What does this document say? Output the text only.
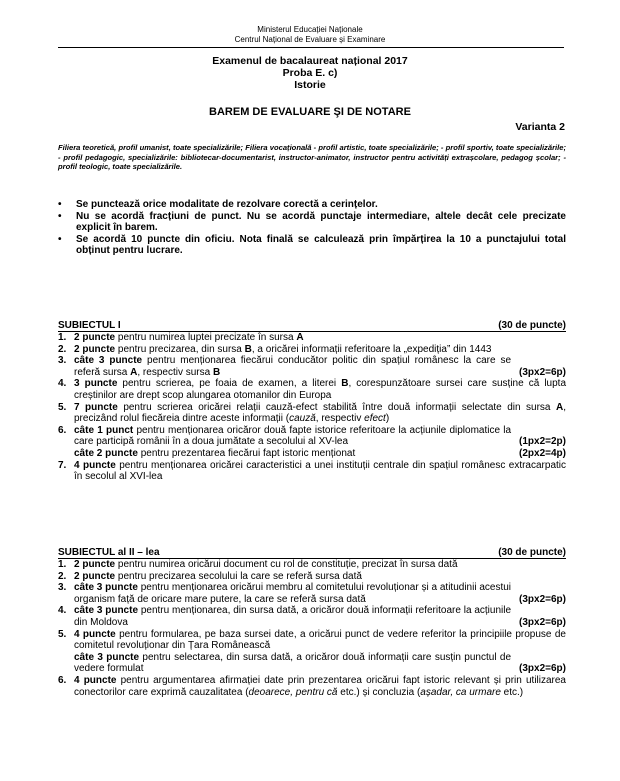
Ministerul Educației Naționale
Centrul Național de Evaluare și Examinare
Examenul de bacalaureat național 2017
Proba E. c)
Istorie
BAREM DE EVALUARE ŞI DE NOTARE
Varianta 2
Filiera teoretică, profil umanist, toate specializările; Filiera vocațională - profil artistic, toate specializările; - profil sportiv, toate specializările; - profil pedagogic, specializările: bibliotecar-documentarist, instructor-animator, instructor pentru activități extrașcolare, pedagog școlar; - profil teologic, toate specializările.
• Se punctează orice modalitate de rezolvare corectă a cerințelor.
• Nu se acordă fracțiuni de punct. Nu se acordă punctaje intermediare, altele decât cele precizate explicit în barem.
• Se acordă 10 puncte din oficiu. Nota finală se calculează prin împărțirea la 10 a punctajului total obținut pentru lucrare.
SUBIECTUL I	(30 de puncte)
1. 2 puncte pentru numirea luptei precizate în sursa A
2. 2 puncte pentru precizarea, din sursa B, a oricărei informații referitoare la „expediția” din 1443
3. câte 3 puncte pentru menționarea fiecărui conducător politic din spațiul românesc la care se referă sursa A, respectiv sursa B	(3px2=6p)
4. 3 puncte pentru scrierea, pe foaia de examen, a literei B, corespunzătoare sursei care susține că lupta creștinilor are drept scop alungarea otomanilor din Europa
5. 7 puncte pentru scrierea oricărei relații cauză-efect stabilită între două informații selectate din sursa A, precizând rolul fiecăreia dintre aceste informații (cauză, respectiv efect)
6. câte 1 punct pentru menționarea oricăror două fapte istorice referitoare la acțiunile diplomatice la care participă românii în a doua jumătate a secolului al XV-lea	(1px2=2p)
câte 2 puncte pentru prezentarea fiecărui fapt istoric menționat	(2px2=4p)
7. 4 puncte pentru menționarea oricărei caracteristici a unei instituții centrale din spațiul românesc extracarpatic în secolul al XVI-lea
SUBIECTUL al II – lea	(30 de puncte)
1. 2 puncte pentru numirea oricărui document cu rol de constituție, precizat în sursa dată
2. 2 puncte pentru precizarea secolului la care se referă sursa dată
3. câte 3 puncte pentru menționarea oricărui membru al comitetului revoluționar și a atitudinii acestui organism față de oricare mare putere, la care se referă sursa dată	(3px2=6p)
4. câte 3 puncte pentru menționarea, din sursa dată, a oricăror două informații referitoare la acțiunile din Moldova	(3px2=6p)
5. 4 puncte pentru formularea, pe baza sursei date, a oricărui punct de vedere referitor la principiile propuse de comitetul revoluționar din Țara Românească
câte 3 puncte pentru selectarea, din sursa dată, a oricăror două informații care susțin punctul de vedere formulat	(3px2=6p)
6. 4 puncte pentru argumentarea afirmației date prin prezentarea oricărui fapt istoric relevant și prin utilizarea conectorilor care exprimă cauzalitatea (deoarece, pentru că etc.) și concluzia (așadar, ca urmare etc.)
